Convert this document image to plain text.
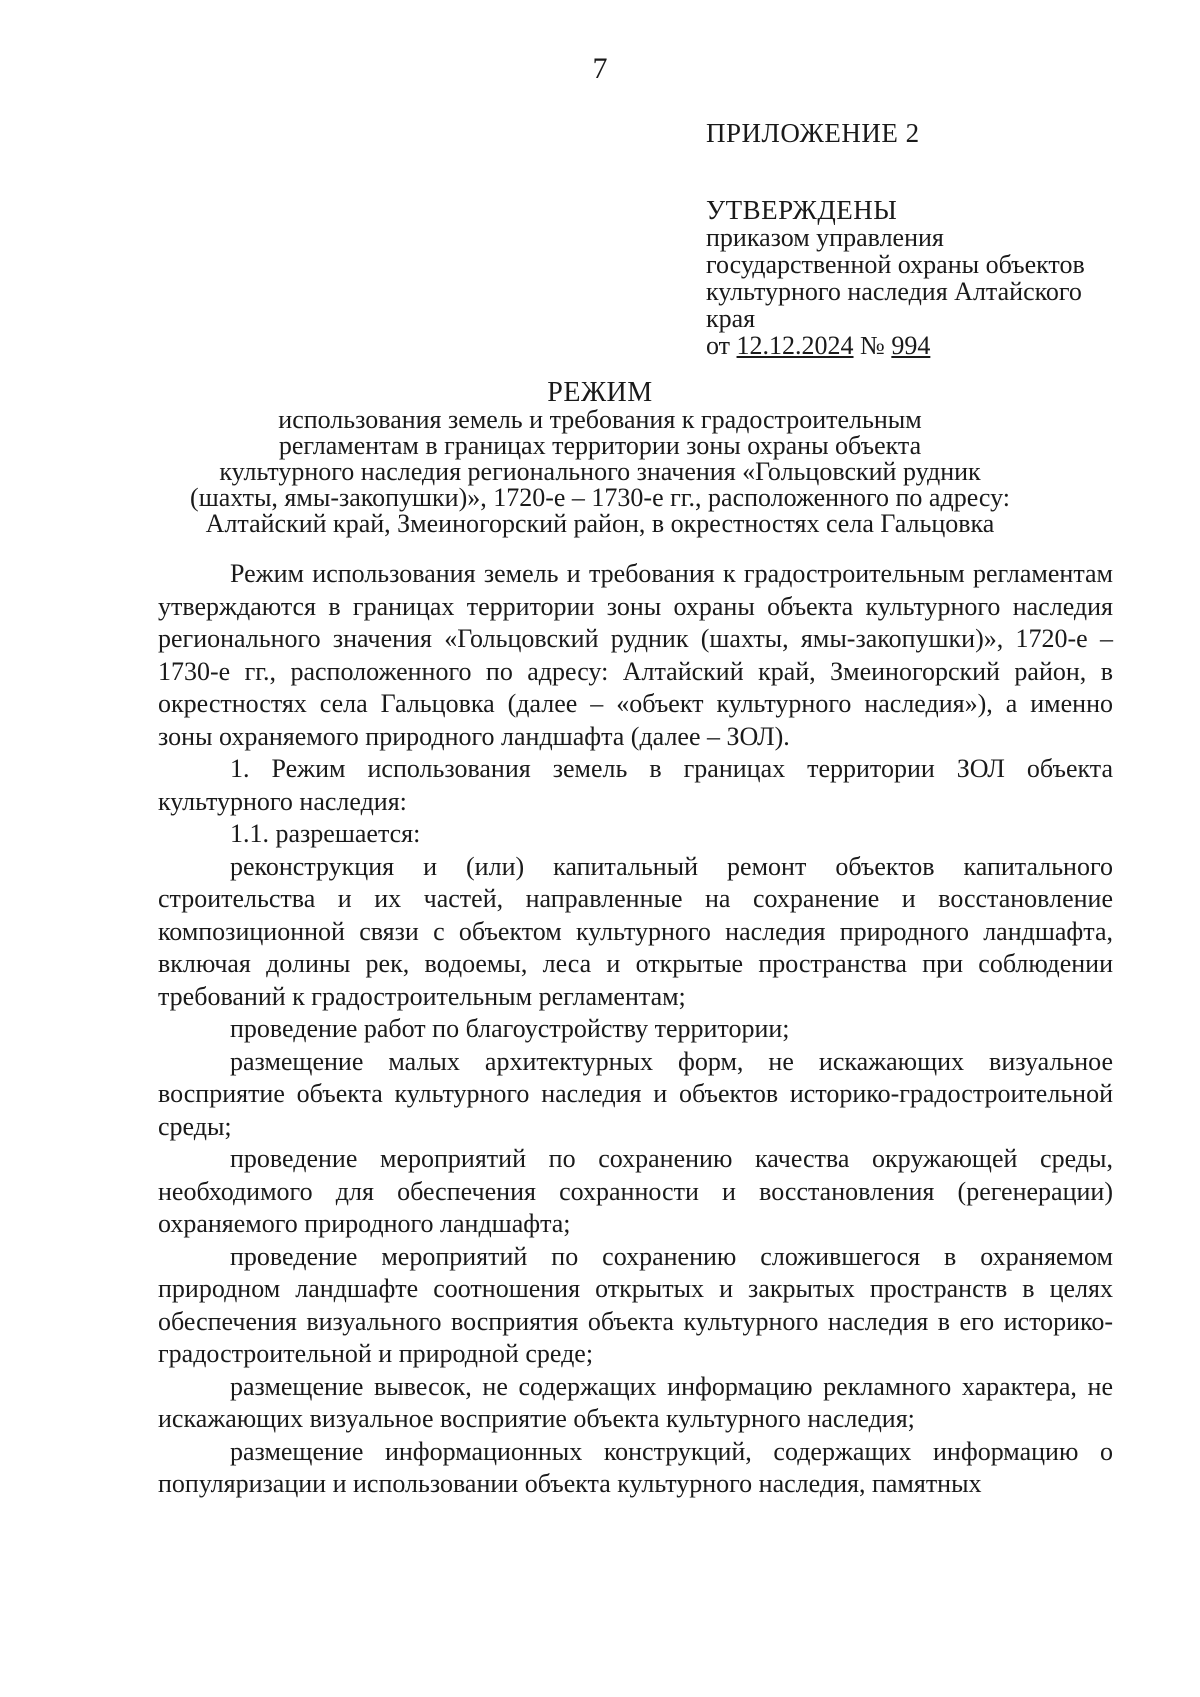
7
ПРИЛОЖЕНИЕ 2
УТВЕРЖДЕНЫ
приказом управления
государственной охраны объектов
культурного наследия Алтайского
края
от 12.12.2024 № 994
РЕЖИМ
использования земель и требования к градостроительным
регламентам в границах территории зоны охраны объекта
культурного наследия регионального значения «Гольцовский рудник
(шахты, ямы-закопушки)», 1720-е – 1730-е гг., расположенного по адресу:
Алтайский край, Змеиногорский район, в окрестностях села Гальцовка

Режим использования земель и требования к градостроительным регламентам утверждаются в границах территории зоны охраны объекта культурного наследия регионального значения «Гольцовский рудник (шахты, ямы-закопушки)», 1720-е – 1730-е гг., расположенного по адресу: Алтайский край, Змеиногорский район, в окрестностях села Гальцовка (далее – «объект культурного наследия»), а именно зоны охраняемого природного ландшафта (далее – ЗОЛ).

1. Режим использования земель в границах территории ЗОЛ объекта культурного наследия:

1.1. разрешается:

реконструкция и (или) капитальный ремонт объектов капитального строительства и их частей, направленные на сохранение и восстановление композиционной связи с объектом культурного наследия природного ландшафта, включая долины рек, водоемы, леса и открытые пространства при соблюдении требований к градостроительным регламентам;

проведение работ по благоустройству территории;

размещение малых архитектурных форм, не искажающих визуальное восприятие объекта культурного наследия и объектов историко-градостроительной среды;

проведение мероприятий по сохранению качества окружающей среды, необходимого для обеспечения сохранности и восстановления (регенерации) охраняемого природного ландшафта;

проведение мероприятий по сохранению сложившегося в охраняемом природном ландшафте соотношения открытых и закрытых пространств в целях обеспечения визуального восприятия объекта культурного наследия в его историко-градостроительной и природной среде;

размещение вывесок, не содержащих информацию рекламного характера, не искажающих визуальное восприятие объекта культурного наследия;

размещение информационных конструкций, содержащих информацию о популяризации и использовании объекта культурного наследия, памятных
